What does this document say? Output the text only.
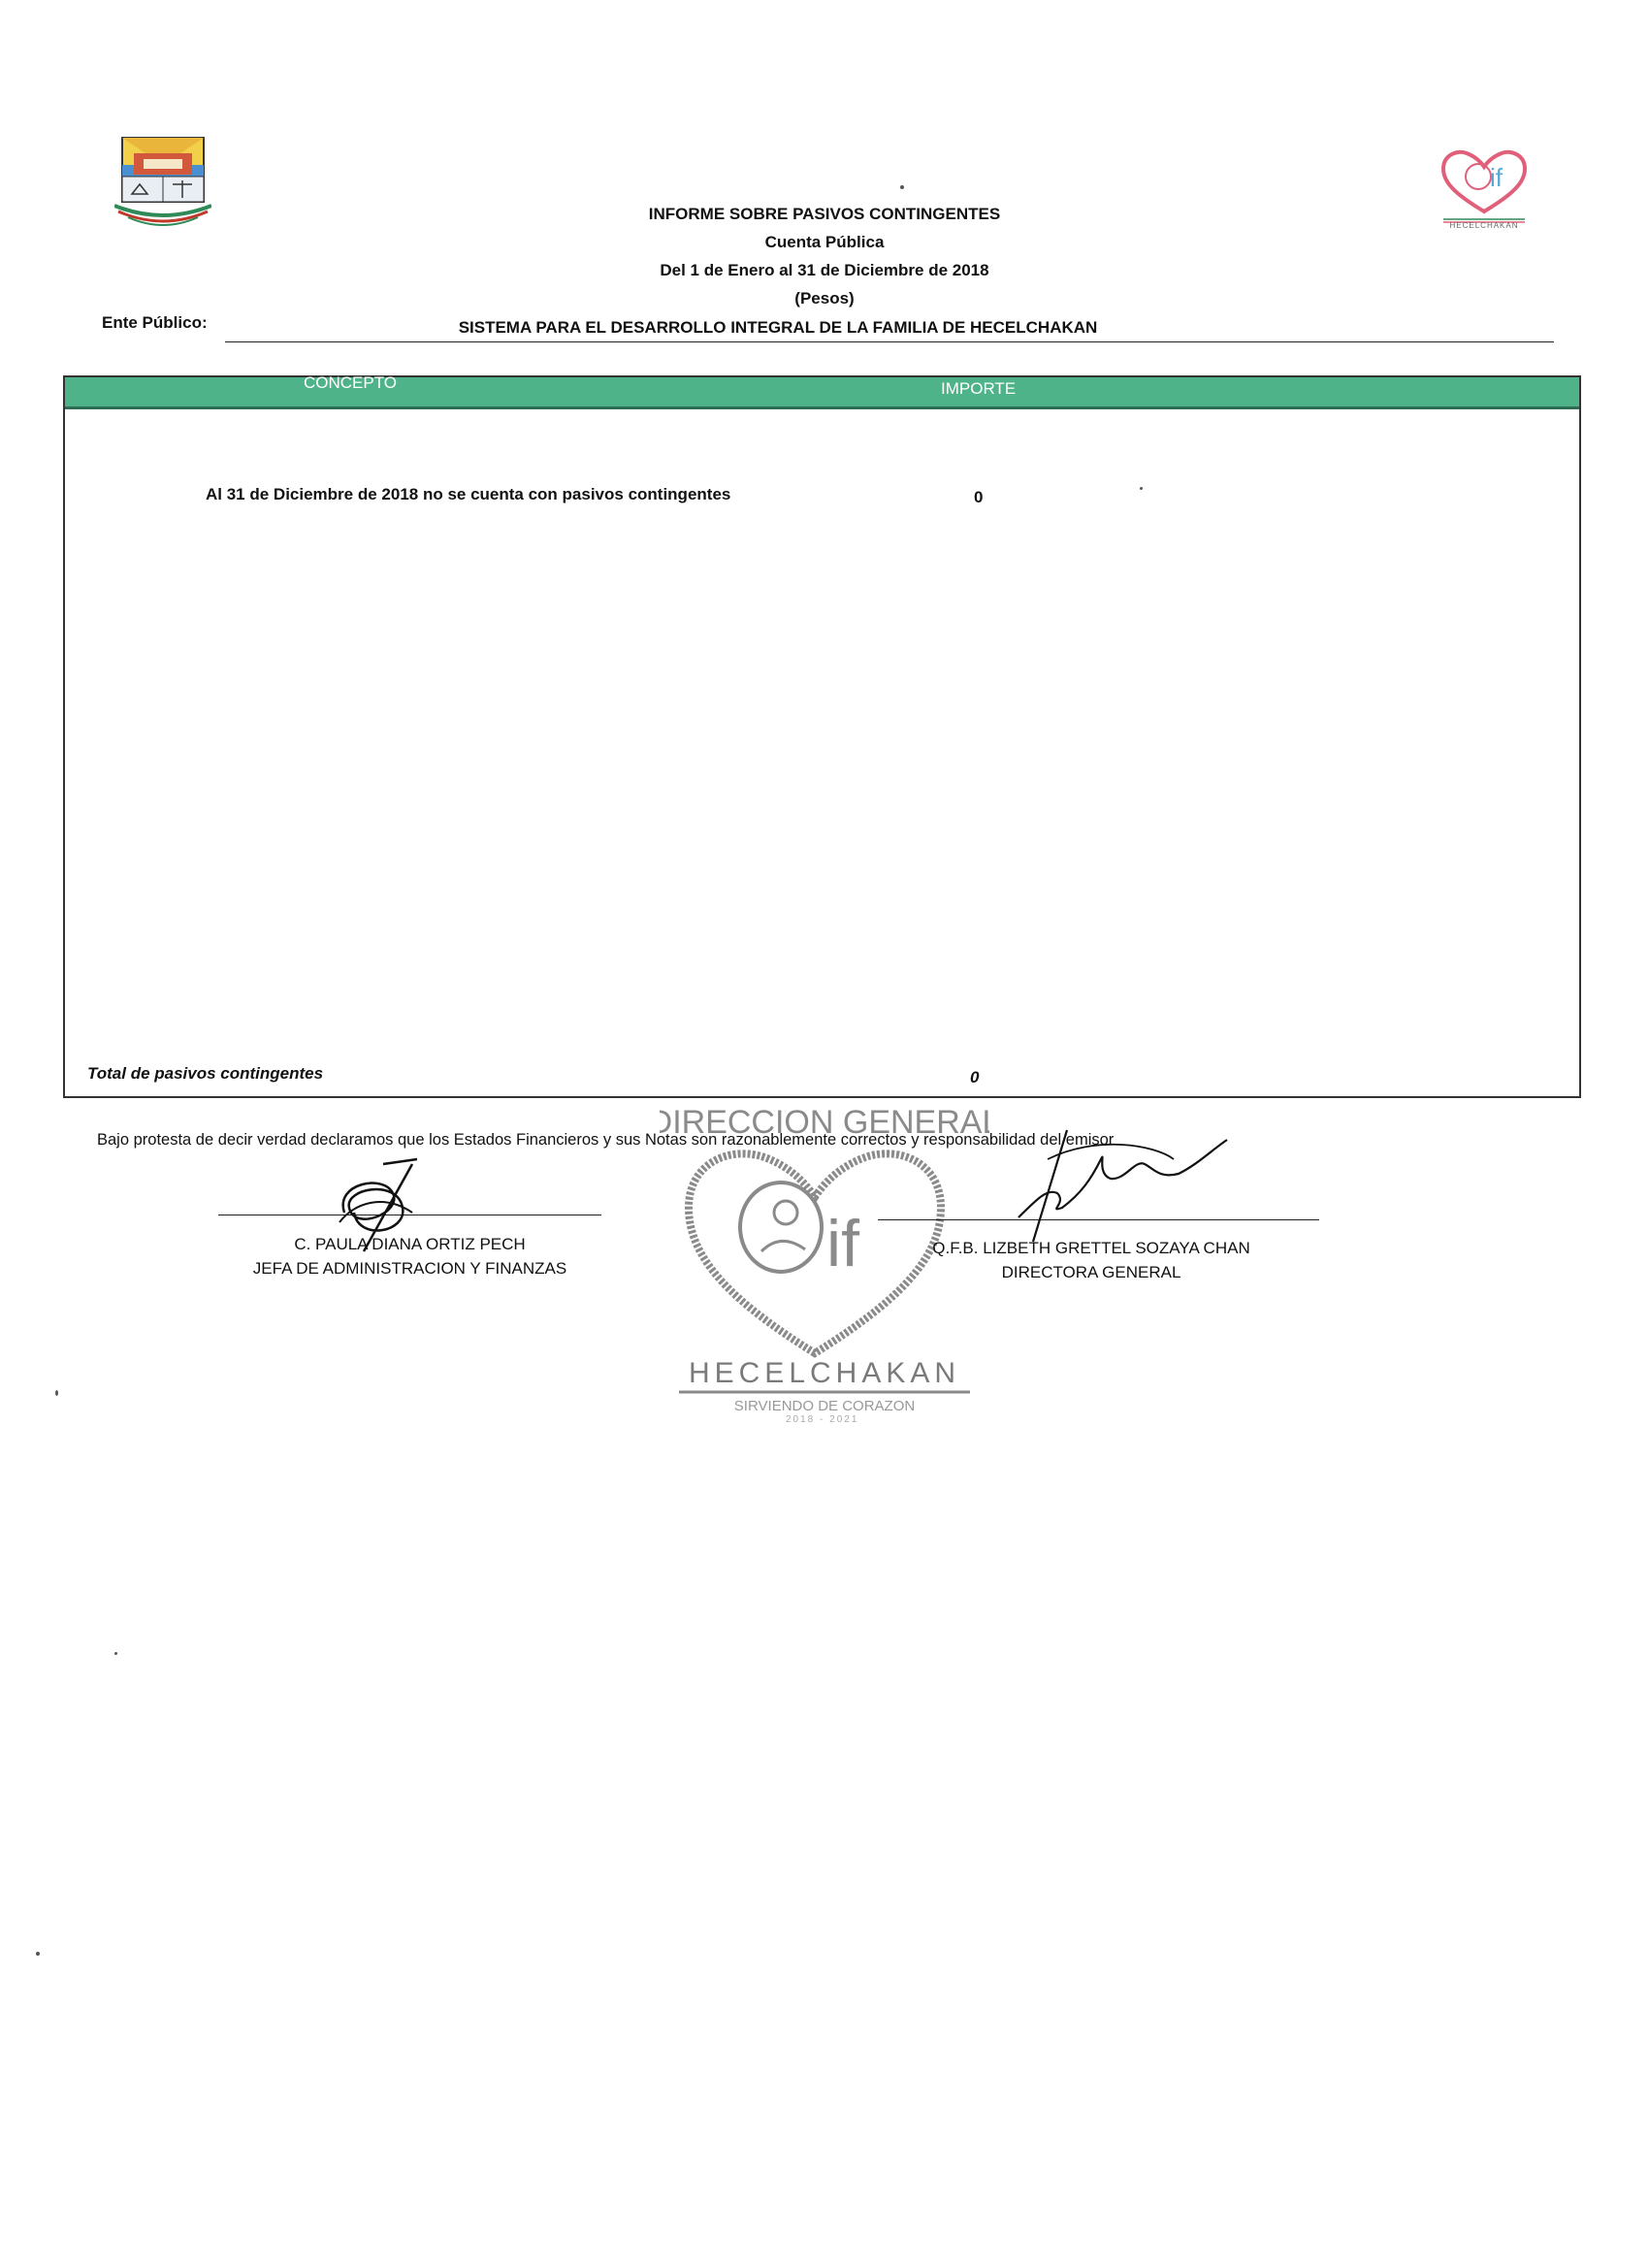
if
HECELCHAKAN
INFORME SOBRE PASIVOS CONTINGENTES
Cuenta Pública
Del 1 de Enero al 31 de Diciembre de 2018
(Pesos)
Ente Público:	SISTEMA PARA EL DESARROLLO INTEGRAL DE LA FAMILIA DE HECELCHAKAN
CONCEPTO	IMPORTE
Al 31 de Diciembre de 2018 no se cuenta con pasivos contingentes	0
Total de pasivos contingentes	0
DIRECCION GENERAL
if
HECELCHAKAN
SIRVIENDO DE CORAZON
2018 - 2021
Bajo protesta de decir verdad declaramos que los Estados Financieros y sus Notas son razonablemente correctos y responsabilidad del emisor
C. PAULA DIANA ORTIZ PECH
JEFA DE ADMINISTRACION Y FINANZAS
Q.F.B. LIZBETH GRETTEL SOZAYA CHAN
DIRECTORA GENERAL
